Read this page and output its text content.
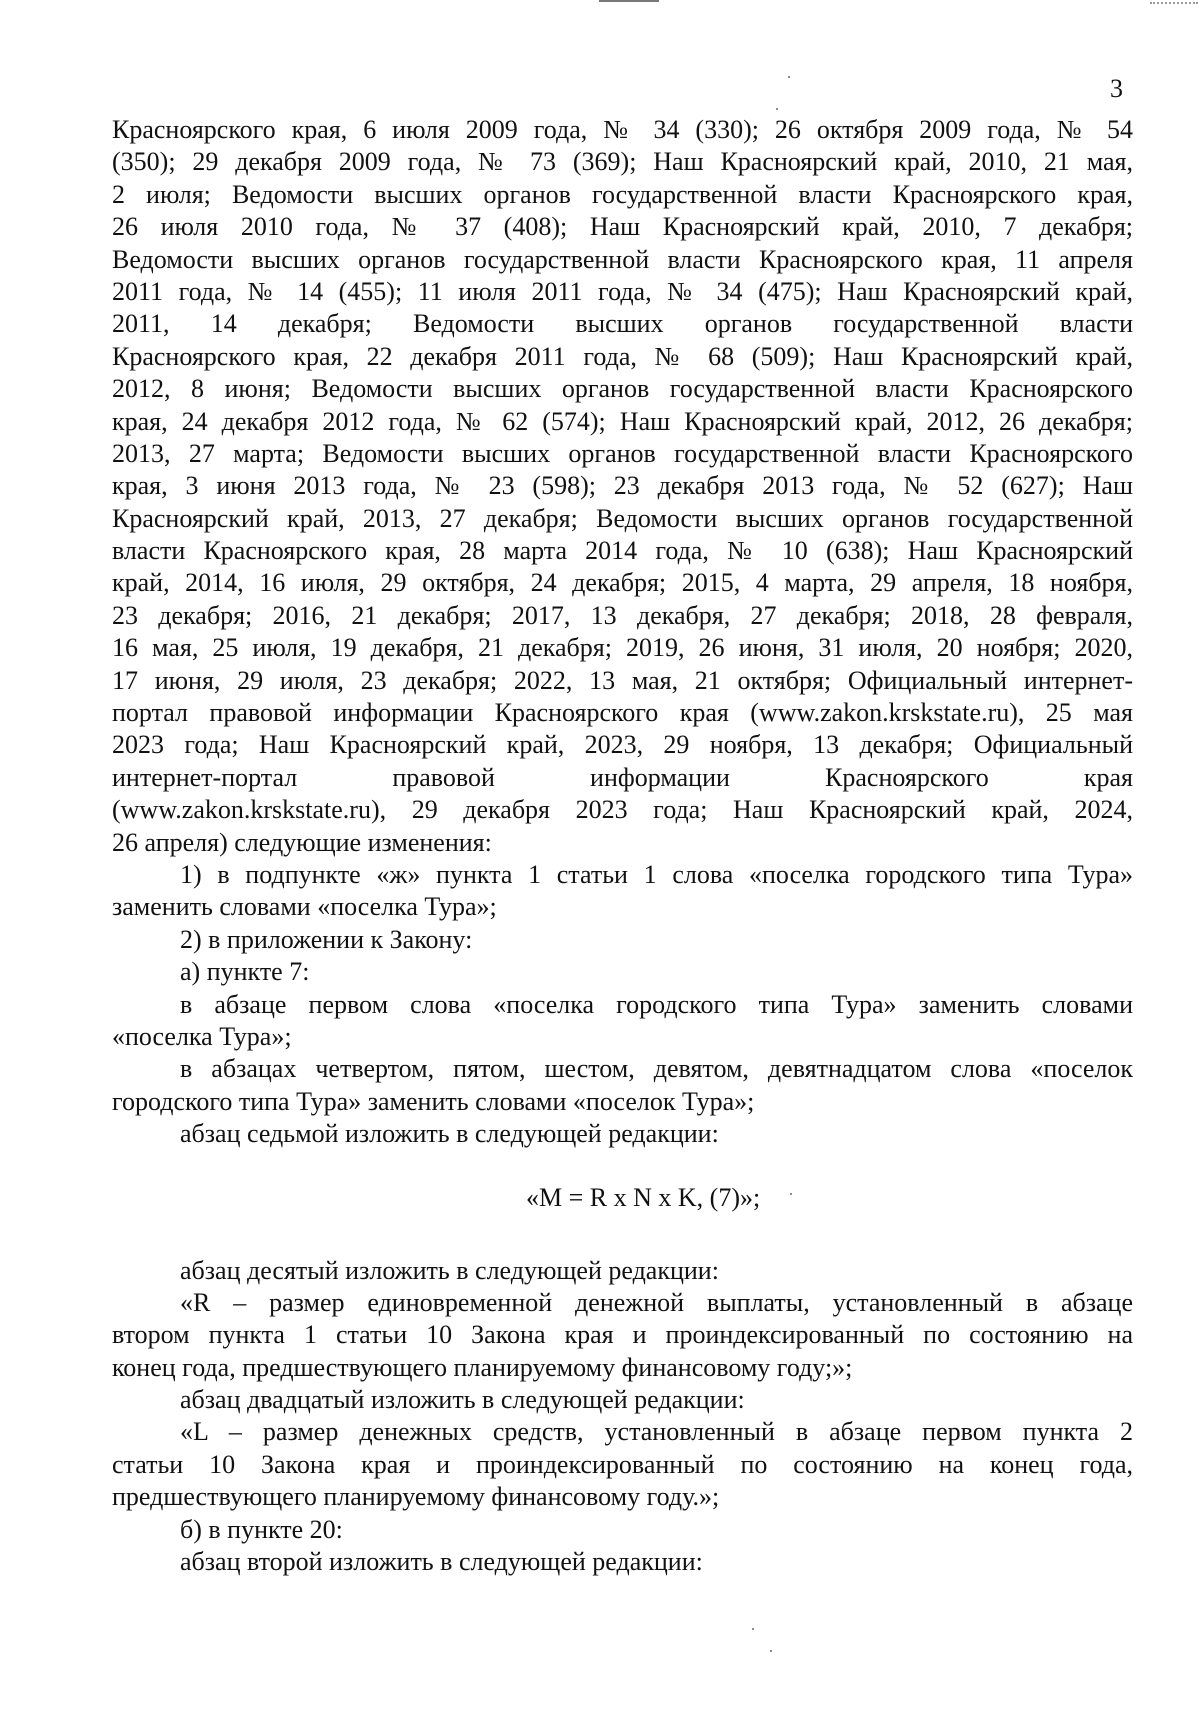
3
Красноярского края, 6 июля 2009 года, № 34 (330); 26 октября 2009 года, № 54
(350); 29 декабря 2009 года, № 73 (369); Наш Красноярский край, 2010, 21 мая,
2 июля; Ведомости высших органов государственной власти Красноярского края,
26 июля 2010 года, № 37 (408); Наш Красноярский край, 2010, 7 декабря;
Ведомости высших органов государственной власти Красноярского края, 11 апреля
2011 года, № 14 (455); 11 июля 2011 года, № 34 (475); Наш Красноярский край,
2011, 14 декабря; Ведомости высших органов государственной власти
Красноярского края, 22 декабря 2011 года, № 68 (509); Наш Красноярский край,
2012, 8 июня; Ведомости высших органов государственной власти Красноярского
края, 24 декабря 2012 года, № 62 (574); Наш Красноярский край, 2012, 26 декабря;
2013, 27 марта; Ведомости высших органов государственной власти Красноярского
края, 3 июня 2013 года, № 23 (598); 23 декабря 2013 года, № 52 (627); Наш
Красноярский край, 2013, 27 декабря; Ведомости высших органов государственной
власти Красноярского края, 28 марта 2014 года, № 10 (638); Наш Красноярский
край, 2014, 16 июля, 29 октября, 24 декабря; 2015, 4 марта, 29 апреля, 18 ноября,
23 декабря; 2016, 21 декабря; 2017, 13 декабря, 27 декабря; 2018, 28 февраля,
16 мая, 25 июля, 19 декабря, 21 декабря; 2019, 26 июня, 31 июля, 20 ноября; 2020,
17 июня, 29 июля, 23 декабря; 2022, 13 мая, 21 октября; Официальный интернет-
портал правовой информации Красноярского края (www.zakon.krskstate.ru), 25 мая
2023 года; Наш Красноярский край, 2023, 29 ноября, 13 декабря; Официальный
интернет-портал правовой информации Красноярского края
(www.zakon.krskstate.ru), 29 декабря 2023 года; Наш Красноярский край, 2024,
26 апреля) следующие изменения:
1) в подпункте «ж» пункта 1 статьи 1 слова «поселка городского типа Тура»
заменить словами «поселка Тура»;
2) в приложении к Закону:
а) пункте 7:
в абзаце первом слова «поселка городского типа Тура» заменить словами
«поселка Тура»;
в абзацах четвертом, пятом, шестом, девятом, девятнадцатом слова «поселок
городского типа Тура» заменить словами «поселок Тура»;
абзац седьмой изложить в следующей редакции:
«M = R x N x K, (7)»;
абзац десятый изложить в следующей редакции:
«R – размер единовременной денежной выплаты, установленный в абзаце
втором пункта 1 статьи 10 Закона края и проиндексированный по состоянию на
конец года, предшествующего планируемому финансовому году;»;
абзац двадцатый изложить в следующей редакции:
«L – размер денежных средств, установленный в абзаце первом пункта 2
статьи 10 Закона края и проиндексированный по состоянию на конец года,
предшествующего планируемому финансовому году.»;
б) в пункте 20:
абзац второй изложить в следующей редакции:
